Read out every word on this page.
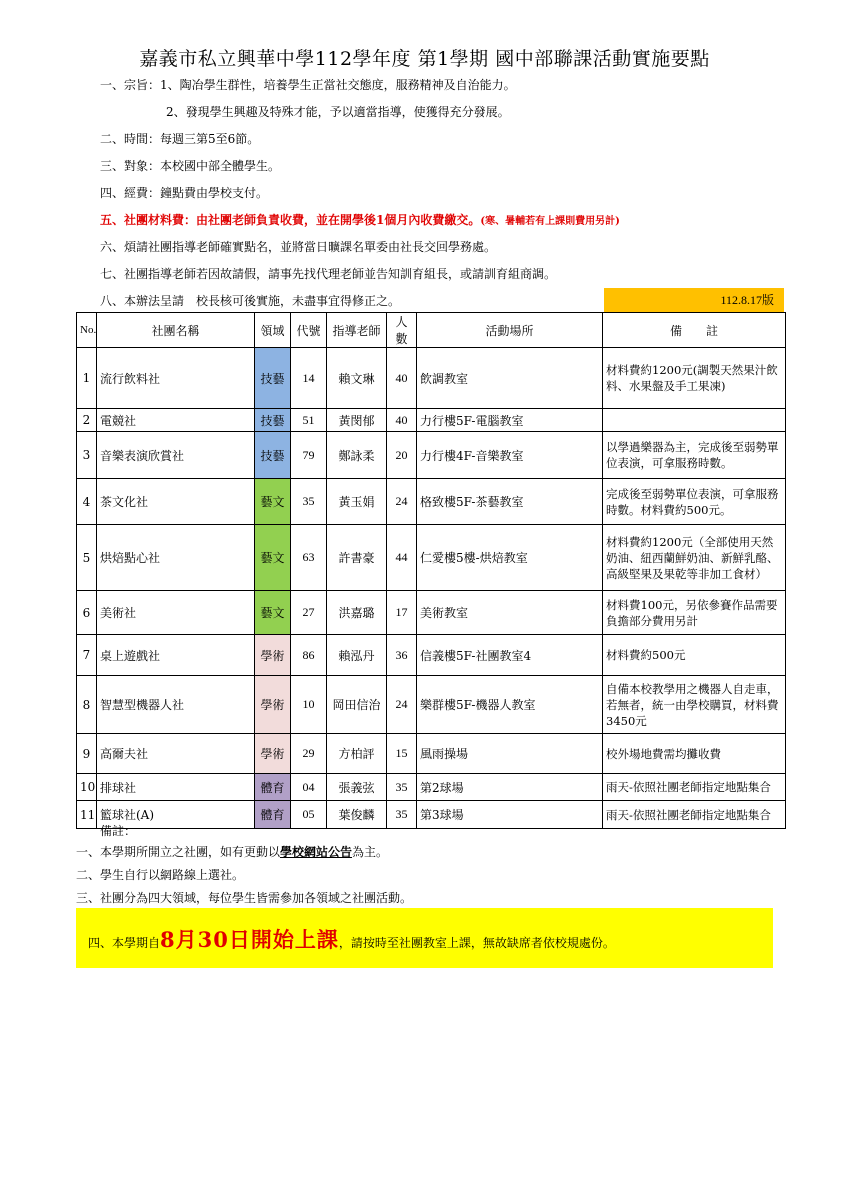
嘉義市私立興華中學112學年度 第1學期 國中部聯課活動實施要點
一、宗旨：1、陶冶學生群性，培養學生正當社交態度，服務精神及自治能力。
2、發現學生興趣及特殊才能，予以適當指導，使獲得充分發展。
二、時間：每週三第5至6節。
三、對象：本校國中部全體學生。
四、經費：鐘點費由學校支付。
五、社團材料費：由社團老師負責收費，並在開學後1個月內收費繳交。(寒、暑輔若有上課則費用另計)
六、煩請社團指導老師確實點名，並將當日曠課名單委由社長交回學務處。
七、社團指導老師若因故請假，請事先找代理老師並告知訓育組長，或請訓育組商調。
八、本辦法呈請　校長核可後實施，未盡事宜得修正之。	112.8.17版
No.	社團名稱	領域	代號	指導老師	人數	活動場所	備　　註
1	流行飲料社	技藝	14	賴文琳	40	飲調教室	材料費約1200元(調製天然果汁飲料、水果盤及手工果凍)
2	電競社	技藝	51	黃閔郁	40	力行樓5F-電腦教室	
3	音樂表演欣賞社	技藝	79	鄭詠柔	20	力行樓4F-音樂教室	以學過樂器為主，完成後至弱勢單位表演，可拿服務時數。
4	茶文化社	藝文	35	黃玉娟	24	格致樓5F-茶藝教室	完成後至弱勢單位表演，可拿服務時數。材料費約500元。
5	烘焙點心社	藝文	63	許書豪	44	仁愛樓5樓-烘焙教室	材料費約1200元（全部使用天然奶油、紐西蘭鮮奶油、新鮮乳酪、高級堅果及果乾等非加工食材）
6	美術社	藝文	27	洪嘉璐	17	美術教室	材料費100元，另依參賽作品需要負擔部分費用另計
7	桌上遊戲社	學術	86	賴泓丹	36	信義樓5F-社團教室4	材料費約500元
8	智慧型機器人社	學術	10	岡田信治	24	樂群樓5F-機器人教室	自備本校教學用之機器人自走車，若無者，統一由學校購買，材料費3450元
9	高爾夫社	學術	29	方柏評	15	風雨操場	校外場地費需均攤收費
10	排球社	體育	04	張義弦	35	第2球場	雨天-依照社團老師指定地點集合
11	籃球社(A)	體育	05	葉俊麟	35	第3球場	雨天-依照社團老師指定地點集合
備註：
一、本學期所開立之社團，如有更動以學校網站公告為主。
二、學生自行以網路線上選社。
三、社團分為四大領域，每位學生皆需參加各領域之社團活動。
四、本學期自8月30日開始上課，請按時至社團教室上課，無故缺席者依校規處份。
